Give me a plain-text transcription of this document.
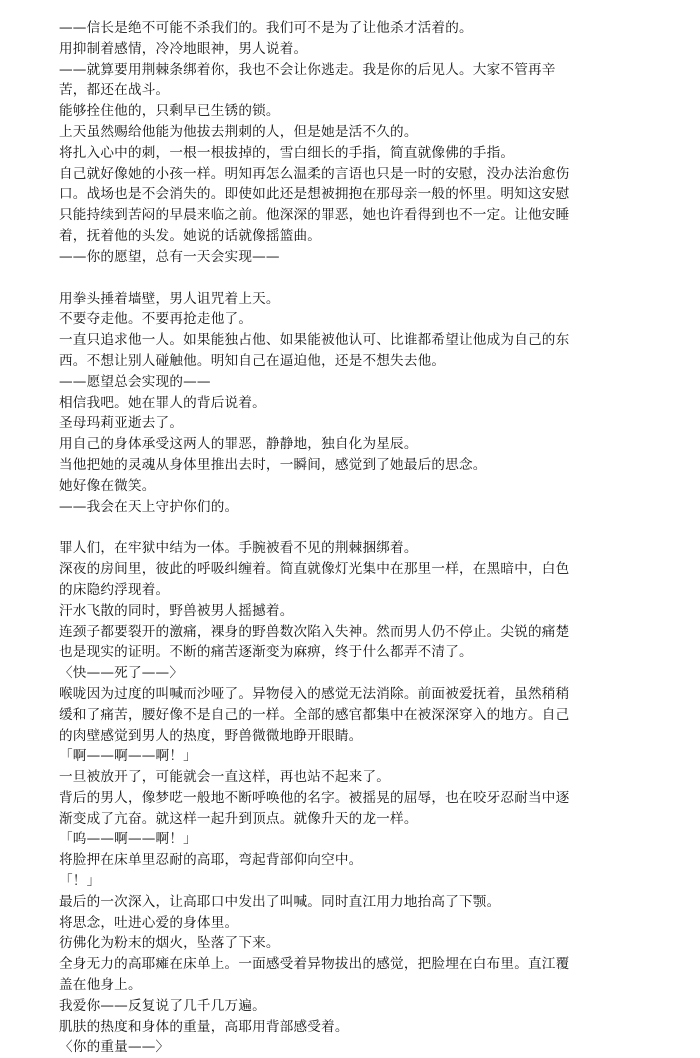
——信长是绝不可能不杀我们的。我们可不是为了让他杀才活着的。
用抑制着感情，冷冷地眼神，男人说着。
——就算要用荆棘条绑着你，我也不会让你逃走。我是你的后见人。大家不管再辛
苦，都还在战斗。
能够拴住他的，只剩早已生锈的锁。
上天虽然赐给他能为他拔去荆刺的人，但是她是活不久的。
将扎入心中的刺，一根一根拔掉的，雪白细长的手指，简直就像佛的手指。
自己就好像她的小孩一样。明知再怎么温柔的言语也只是一时的安慰，没办法治愈伤
口。战场也是不会消失的。即使如此还是想被拥抱在那母亲一般的怀里。明知这安慰
只能持续到苦闷的早晨来临之前。他深深的罪恶，她也许看得到也不一定。让他安睡
着，抚着他的头发。她说的话就像摇篮曲。
——你的愿望，总有一天会实现——
用拳头捶着墙壁，男人诅咒着上天。
不要夺走他。不要再抢走他了。
一直只追求他一人。如果能独占他、如果能被他认可、比谁都希望让他成为自己的东
西。不想让别人碰触他。明知自己在逼迫他，还是不想失去他。
——愿望总会实现的——
相信我吧。她在罪人的背后说着。
圣母玛莉亚逝去了。
用自己的身体承受这两人的罪恶，静静地，独自化为星辰。
当他把她的灵魂从身体里推出去时，一瞬间，感觉到了她最后的思念。
她好像在微笑。
——我会在天上守护你们的。
罪人们，在牢狱中结为一体。手腕被看不见的荆棘捆绑着。
深夜的房间里，彼此的呼吸纠缠着。简直就像灯光集中在那里一样，在黑暗中，白色
的床隐约浮现着。
汗水飞散的同时，野兽被男人摇撼着。
连颈子都要裂开的激痛，裸身的野兽数次陷入失神。然而男人仍不停止。尖锐的痛楚
也是现实的证明。不断的痛苦逐渐变为麻痹，终于什么都弄不清了。
〈快——死了——〉
喉咙因为过度的叫喊而沙哑了。异物侵入的感觉无法消除。前面被爱抚着，虽然稍稍
缓和了痛苦，腰好像不是自己的一样。全部的感官都集中在被深深穿入的地方。自己
的肉壁感觉到男人的热度，野兽微微地睁开眼睛。
「啊——啊——啊！」
一旦被放开了，可能就会一直这样，再也站不起来了。
背后的男人，像梦呓一般地不断呼唤他的名字。被摇晃的屈辱，也在咬牙忍耐当中逐
渐变成了亢奋。就这样一起升到顶点。就像升天的龙一样。
「呜——啊——啊！」
将脸押在床单里忍耐的高耶，弯起背部仰向空中。
「！」
最后的一次深入，让高耶口中发出了叫喊。同时直江用力地抬高了下颚。
将思念，吐进心爱的身体里。
彷佛化为粉末的烟火，坠落了下来。
全身无力的高耶瘫在床单上。一面感受着异物拔出的感觉，把脸埋在白布里。直江覆
盖在他身上。
我爱你——反复说了几千几万遍。
肌肤的热度和身体的重量，高耶用背部感受着。
〈你的重量——〉
